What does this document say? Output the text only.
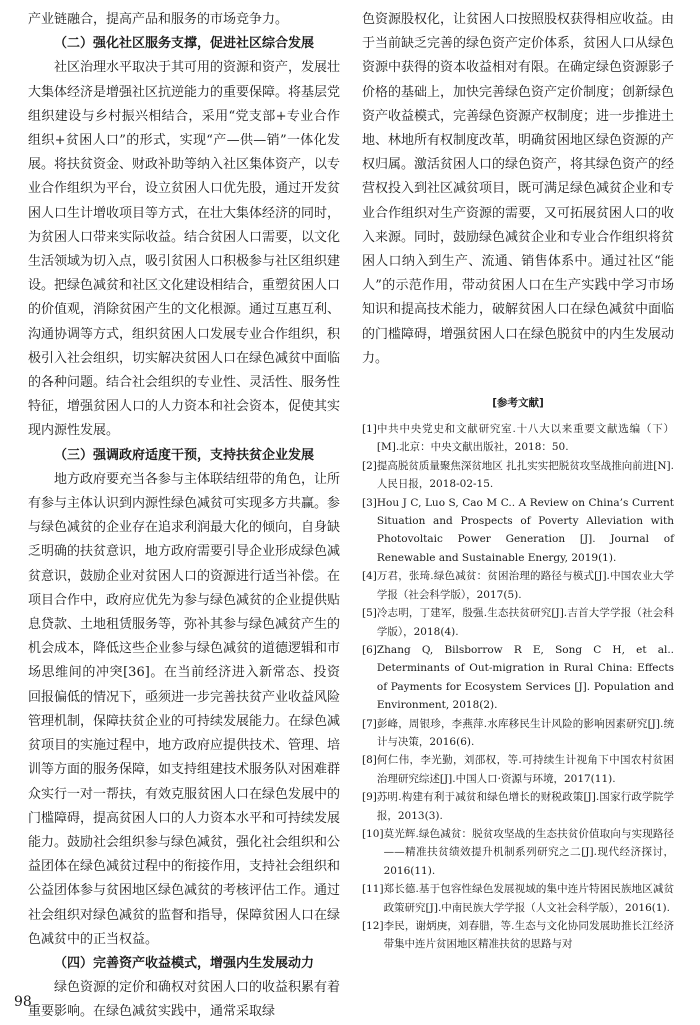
产业链融合，提高产品和服务的市场竞争力。

（二）强化社区服务支撑，促进社区综合发展

社区治理水平取决于其可用的资源和资产，发展壮大集体经济是增强社区抗逆能力的重要保障。将基层党组织建设与乡村振兴相结合，采用“党支部+专业合作组织+贫困人口”的形式，实现“产—供—销”一体化发展。将扶贫资金、财政补助等纳入社区集体资产，以专业合作组织为平台，设立贫困人口优先股，通过开发贫困人口生计增收项目等方式，在壮大集体经济的同时，为贫困人口带来实际收益。结合贫困人口需要，以文化生活领域为切入点，吸引贫困人口积极参与社区组织建设。把绿色减贫和社区文化建设相结合，重塑贫困人口的价值观，消除贫困产生的文化根源。通过互惠互利、沟通协调等方式，组织贫困人口发展专业合作组织，积极引入社会组织，切实解决贫困人口在绿色减贫中面临的各种问题。结合社会组织的专业性、灵活性、服务性特征，增强贫困人口的人力资本和社会资本，促使其实现内源性发展。

（三）强调政府适度干预，支持扶贫企业发展

地方政府要充当各参与主体联结纽带的角色，让所有参与主体认识到内源性绿色减贫可实现多方共赢。参与绿色减贫的企业存在追求利润最大化的倾向，自身缺乏明确的扶贫意识，地方政府需要引导企业形成绿色减贫意识，鼓励企业对贫困人口的资源进行适当补偿。在项目合作中，政府应优先为参与绿色减贫的企业提供贴息贷款、土地租赁服务等，弥补其参与绿色减贫产生的机会成本，降低这些企业参与绿色减贫的道德逻辑和市场思维间的冲突[36]。在当前经济进入新常态、投资回报偏低的情况下，亟须进一步完善扶贫产业收益风险管理机制，保障扶贫企业的可持续发展能力。在绿色减贫项目的实施过程中，地方政府应提供技术、管理、培训等方面的服务保障，如支持组建技术服务队对困难群众实行一对一帮扶，有效克服贫困人口在绿色发展中的门槛障碍，提高贫困人口的人力资本水平和可持续发展能力。鼓励社会组织参与绿色减贫，强化社会组织和公益团体在绿色减贫过程中的衔接作用，支持社会组织和公益团体参与贫困地区绿色减贫的考核评估工作。通过社会组织对绿色减贫的监督和指导，保障贫困人口在绿色减贫中的正当权益。

（四）完善资产收益模式，增强内生发展动力

绿色资源的定价和确权对贫困人口的收益积累有着重要影响。在绿色减贫实践中，通常采取绿

色资源股权化，让贫困人口按照股权获得相应收益。由于当前缺乏完善的绿色资产定价体系，贫困人口从绿色资源中获得的资本收益相对有限。在确定绿色资源影子价格的基础上，加快完善绿色资产定价制度；创新绿色资产收益模式，完善绿色资源产权制度；进一步推进土地、林地所有权制度改革，明确贫困地区绿色资源的产权归属。激活贫困人口的绿色资产，将其绿色资产的经营权投入到社区减贫项目，既可满足绿色减贫企业和专业合作组织对生产资源的需要，又可拓展贫困人口的收入来源。同时，鼓励绿色减贫企业和专业合作组织将贫困人口纳入到生产、流通、销售体系中。通过社区“能人”的示范作用，带动贫困人口在生产实践中学习市场知识和提高技术能力，破解贫困人口在绿色减贫中面临的门槛障碍，增强贫困人口在绿色脱贫中的内生发展动力。

[参考文献]
[1] 中共中央党史和文献研究室.十八大以来重要文献选编（下）[M].北京：中央文献出版社，2018：50.
[2] 提高脱贫质量聚焦深贫地区 扎扎实实把脱贫攻坚战推向前进[N].人民日报，2018-02-15.
[3] Hou J C, Luo S, Cao M C.. A Review on China’s Current Situation and Prospects of Poverty Alleviation with Photovoltaic Power Generation [J]. Journal of Renewable and Sustainable Energy, 2019(1).
[4] 万君，张琦.绿色减贫：贫困治理的路径与模式[J].中国农业大学学报（社会科学版），2017(5).
[5] 冷志明，丁建军，殷强.生态扶贫研究[J].吉首大学学报（社会科学版），2018(4).
[6] Zhang Q, Bilsborrow R E, Song C H, et al.. Determinants of Out-migration in Rural China: Effects of Payments for Ecosystem Services [J]. Population and Environment, 2018(2).
[7] 彭峰，周银珍，李燕萍.水库移民生计风险的影响因素研究[J].统计与决策，2016(6).
[8] 何仁伟，李光勤，刘邵权，等.可持续生计视角下中国农村贫困治理研究综述[J].中国人口·资源与环境，2017(11).
[9] 苏明.构建有利于减贫和绿色增长的财税政策[J].国家行政学院学报，2013(3).
[10] 莫光辉.绿色减贫：脱贫攻坚战的生态扶贫价值取向与实现路径——精准扶贫绩效提升机制系列研究之二[J].现代经济探讨，2016(11).
[11] 郑长德.基于包容性绿色发展视域的集中连片特困民族地区减贫政策研究[J].中南民族大学学报（人文社会科学版），2016(1).
[12] 李民，谢炳庚，刘春腊，等.生态与文化协同发展助推长江经济带集中连片贫困地区精准扶贫的思路与对
98
